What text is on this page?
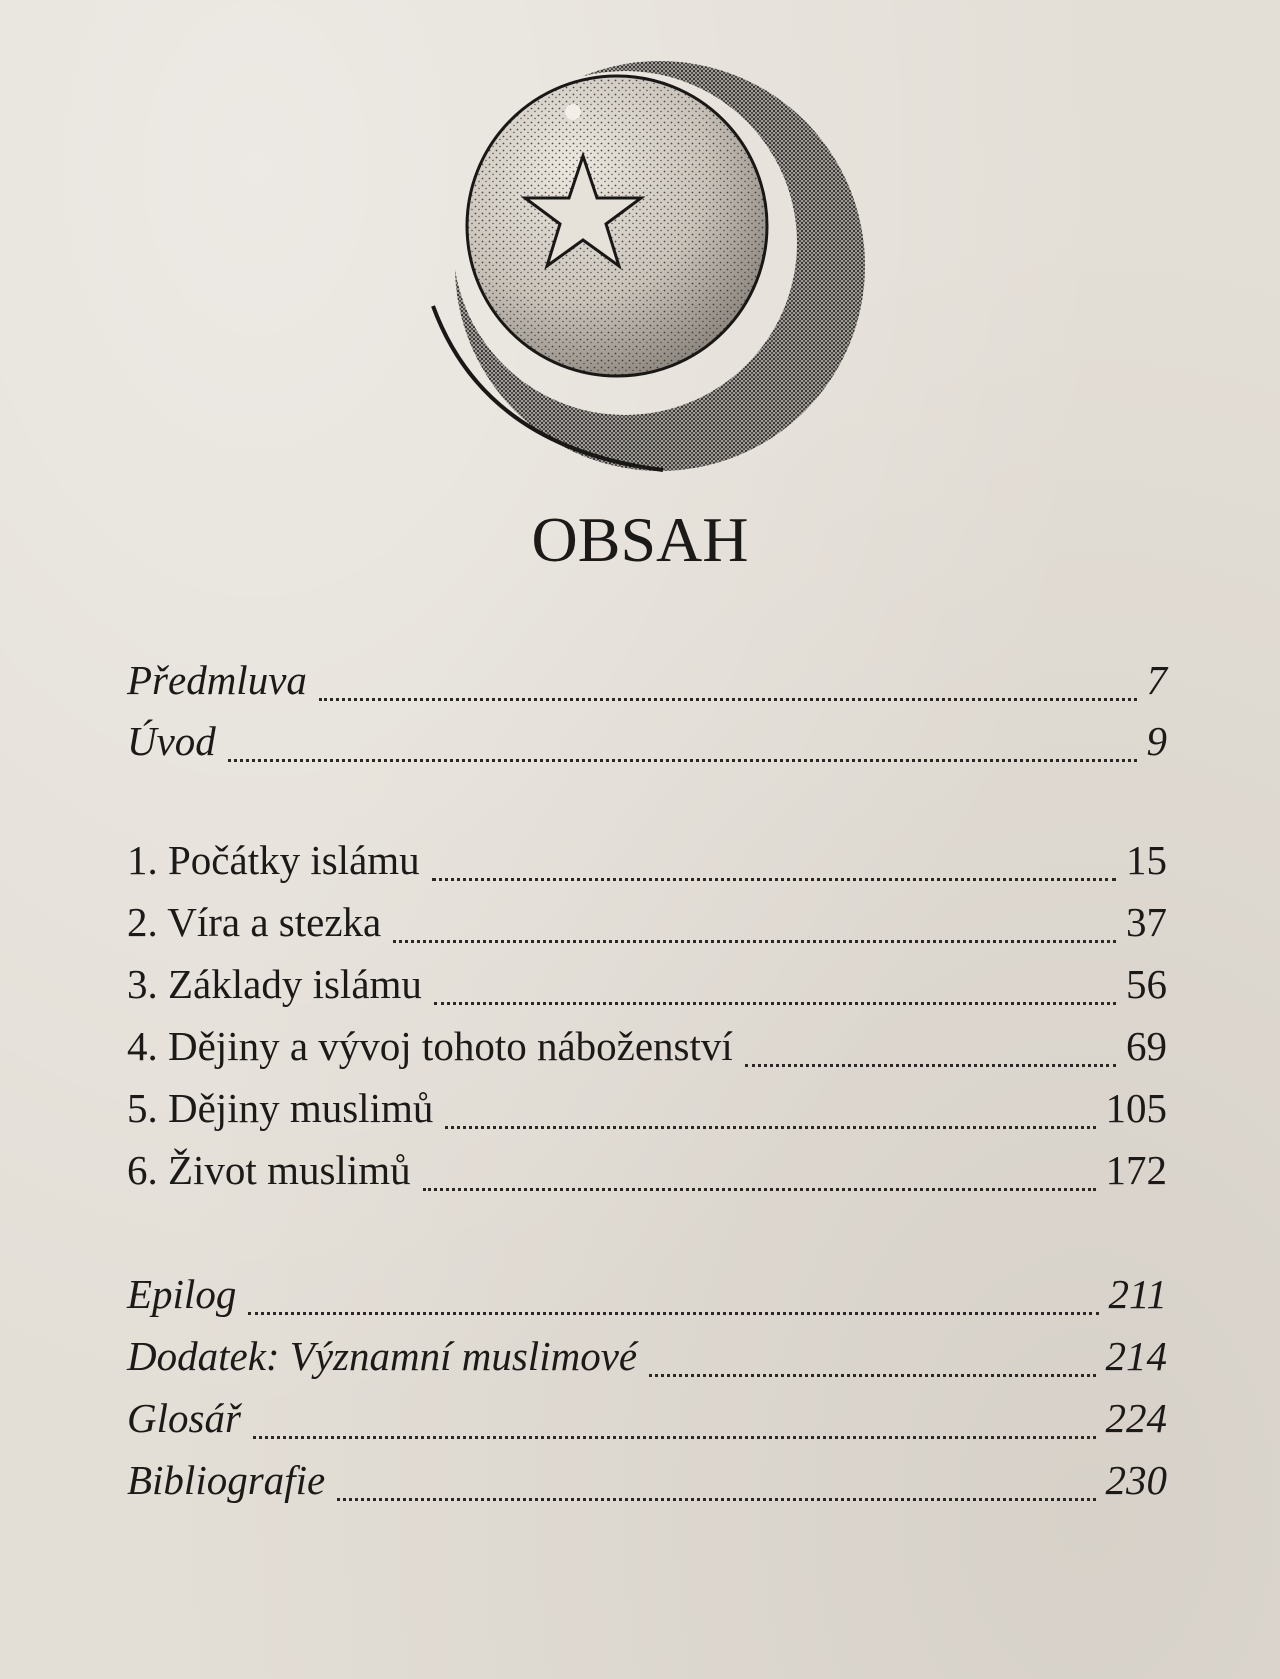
OBSAH
Předmluva	7
Úvod	9
1. Počátky islámu	15
2. Víra a stezka	37
3. Základy islámu	56
4. Dějiny a vývoj tohoto náboženství	69
5. Dějiny muslimů	105
6. Život muslimů	172
Epilog	211
Dodatek: Významní muslimové	214
Glosář	224
Bibliografie	230
